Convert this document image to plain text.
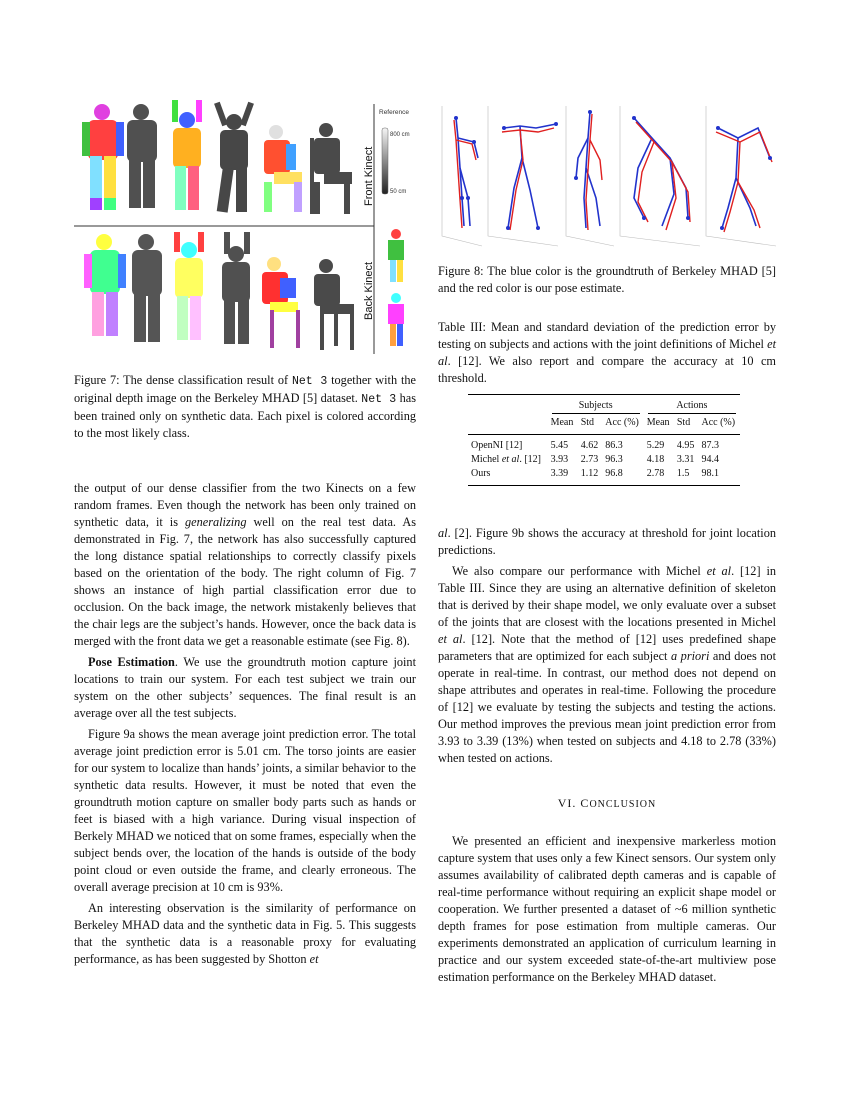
Front Kinect
Back Kinect
Reference
800 cm
50 cm

Figure 7: The dense classification result of Net 3 together with the original depth image on the Berkeley MHAD [5] dataset. Net 3 has been trained only on synthetic data. Each pixel is colored according to the most likely class.

the output of our dense classifier from the two Kinects on a few random frames. Even though the network has been only trained on synthetic data, it is generalizing well on the real test data. As demonstrated in Fig. 7, the network has also successfully captured the long distance spatial relationships to correctly classify pixels based on the orientation of the body. The right column of Fig. 7 shows an instance of high partial classification error due to occlusion. On the back image, the network mistakenly believes that the chair legs are the subject’s hands. However, once the back data is merged with the front data we get a reasonable estimate (see Fig. 8).

Pose Estimation. We use the groundtruth motion capture joint locations to train our system. For each test subject we train our system on the other subjects’ sequences. The final result is an average over all the test subjects.

Figure 9a shows the mean average joint prediction error. The total average joint prediction error is 5.01 cm. The torso joints are easier for our system to localize than hands’ joints, a similar behavior to the synthetic data results. However, it must be noted that even the groundtruth motion capture on smaller body parts such as hands or feet is biased with a high variance. During visual inspection of Berkely MHAD we noticed that on some frames, especially when the subject bends over, the location of the hands is outside of the body point cloud or even outside the frame, and clearly erroneous. The overall average precision at 10 cm is 93%.

An interesting observation is the similarity of performance on Berkeley MHAD data and the synthetic data in Fig. 5. This suggests that the synthetic data is a reasonable proxy for evaluating performance, as has been suggested by Shotton et

Figure 8: The blue color is the groundtruth of Berkeley MHAD [5] and the red color is our pose estimate.

Table III: Mean and standard deviation of the prediction error by testing on subjects and actions with the joint definitions of Michel et al. [12]. We also report and compare the accuracy at 10 cm threshold.

	Subjects			Actions		

	Mean	Std	Acc (%)	Mean	Std	Acc (%)

OpenNI [12]	5.45	4.62	86.3	5.29	4.95	87.3
Michel et al. [12]	3.93	2.73	96.3	4.18	3.31	94.4
Ours	3.39	1.12	96.8	2.78	1.5	98.1

al. [2]. Figure 9b shows the accuracy at threshold for joint location predictions.

We also compare our performance with Michel et al. [12] in Table III. Since they are using an alternative definition of skeleton that is derived by their shape model, we only evaluate over a subset of the joints that are closest with the locations presented in Michel et al. [12]. Note that the method of [12] uses predefined shape parameters that are optimized for each subject a priori and does not operate in real-time. In contrast, our method does not depend on shape attributes and operates in real-time. Following the procedure of [12] we evaluate by testing the subjects and testing the actions. Our method improves the previous mean joint prediction error from 3.93 to 3.39 (13%) when tested on subjects and 4.18 to 2.78 (33%) when tested on actions.

VI. CONCLUSION

We presented an efficient and inexpensive markerless motion capture system that uses only a few Kinect sensors. Our system only assumes availability of calibrated depth cameras and is capable of real-time performance without requiring an explicit shape model or cooperation. We further presented a dataset of ~6 million synthetic depth frames for pose estimation from multiple cameras. Our experiments demonstrated an application of curriculum learning in practice and our system exceeded state-of-the-art multiview pose estimation performance on the Berkeley MHAD dataset.
